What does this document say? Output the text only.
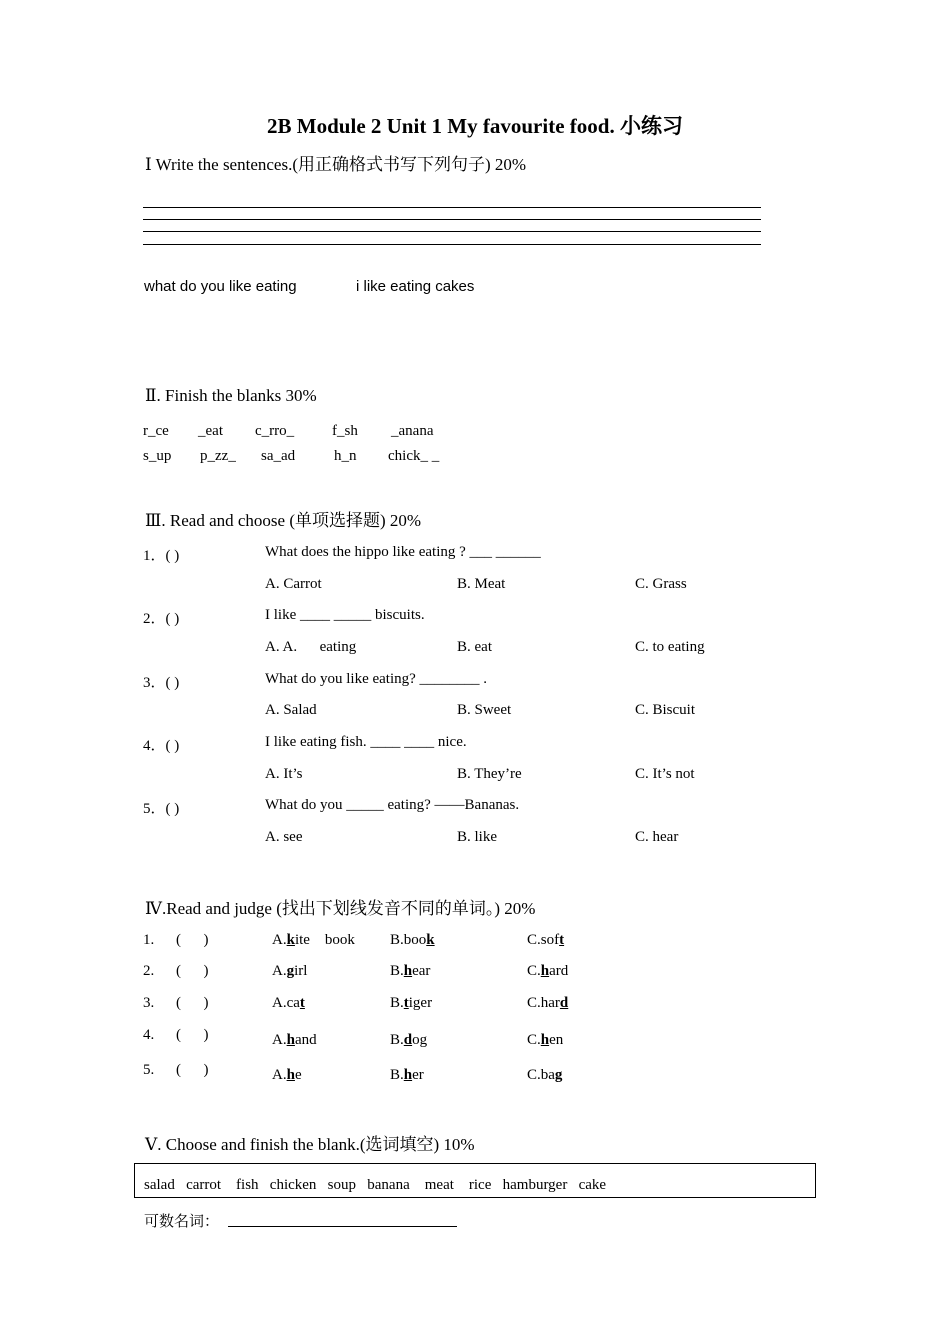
2B Module 2 Unit 1 My favourite food. 小练习
Ⅰ Write the sentences.(用正确格式书写下列句子) 20%
what do you like eating	i like eating cakes
Ⅱ. Finish the blanks 30%
r_ce _eat c_rro_	f_sh _anana
s_up p_zz_ sa_ad	h_n chick_ _
Ⅲ. Read and choose (单项选择题) 20%
1．( )	What does the hippo like eating ? ___ ______
A. Carrot	B. Meat	C. Grass
2．( )	I like ____ _____ biscuits.
A. A.      eating	B. eat	C. to eating
3．( )	What do you like eating? ________ .
A. Salad	B. Sweet	C. Biscuit
4．( )	I like eating fish. ____ ____ nice.
A. It’s	B. They’re	C. It’s not
5．( )	What do you _____ eating? ——Bananas.
A. see	B. like	C. hear
Ⅳ.Read and judge (找出下划线发音不同的单词。) 20%
1. (      )	A.kite    book B.book	C.soft
2. (      )	A.girl	B.hear	C.hard
3. (      )	A.cat	B.tiger	C.hard
4. (      )	A.hand	B.dog	C.hen
5. (      )	A.he	B.her	C.bag
Ⅴ. Choose and finish the blank.(选词填空) 10%
salad   carrot    fish   chicken   soup   banana    meat    rice   hamburger   cake
可数名词：
